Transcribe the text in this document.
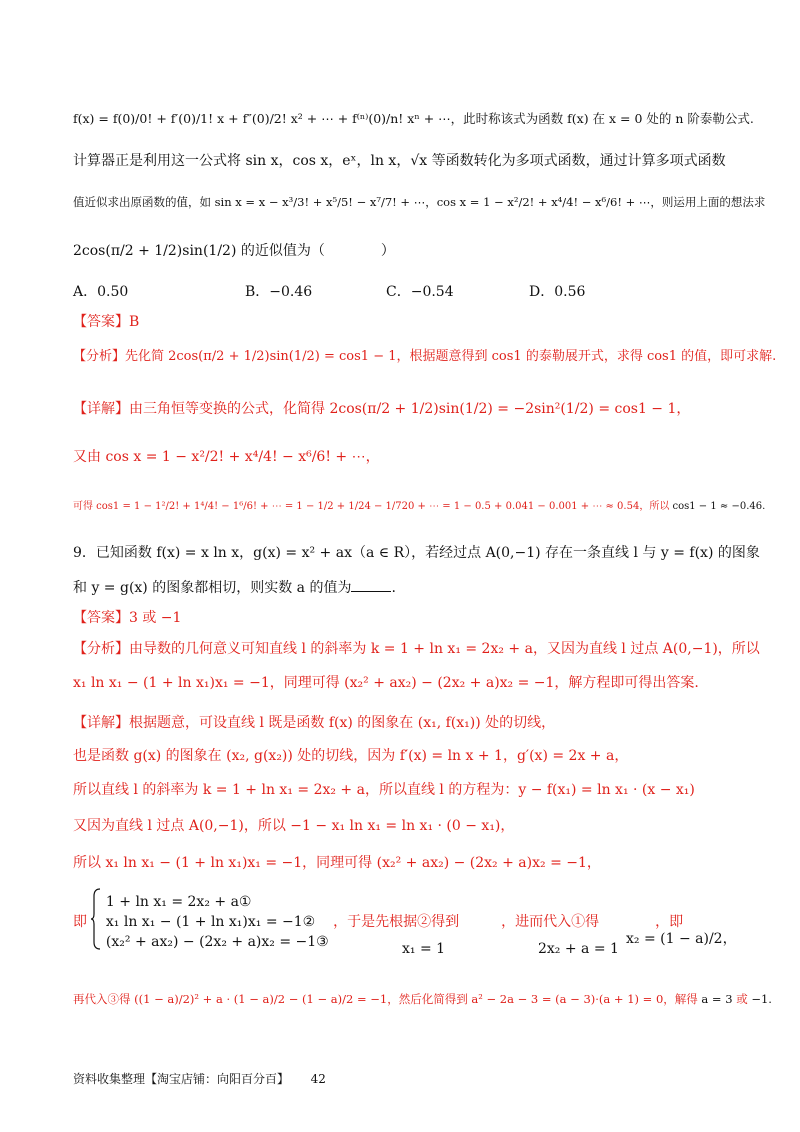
f(x) = f(0)/0! + f′(0)/1! x + f″(0)/2! x² + ⋯ + f⁽ⁿ⁾(0)/n! xⁿ + ⋯，此时称该式为函数 f(x) 在 x = 0 处的 n 阶泰勒公式.
计算器正是利用这一公式将 sin x，cos x，eˣ，ln x，√x 等函数转化为多项式函数，通过计算多项式函数
值近似求出原函数的值，如 sin x = x − x³/3! + x⁵/5! − x⁷/7! + ⋯，cos x = 1 − x²/2! + x⁴/4! − x⁶/6! + ⋯，则运用上面的想法求
2cos(π/2 + 1/2)sin(1/2) 的近似值为（　　　　）
A．0.50	B．−0.46	C．−0.54	D．0.56
【答案】B
【分析】先化简 2cos(π/2 + 1/2)sin(1/2) = cos1 − 1，根据题意得到 cos1 的泰勒展开式，求得 cos1 的值，即可求解.
【详解】由三角恒等变换的公式，化简得 2cos(π/2 + 1/2)sin(1/2) = −2sin²(1/2) = cos1 − 1，
又由 cos x = 1 − x²/2! + x⁴/4! − x⁶/6! + ⋯，
可得 cos1 = 1 − 1²/2! + 1⁴/4! − 1⁶/6! + ⋯ = 1 − 1/2 + 1/24 − 1/720 + ⋯ = 1 − 0.5 + 0.041 − 0.001 + ⋯ ≈ 0.54，所以 cos1 − 1 ≈ −0.46.
9．已知函数 f(x) = x ln x，g(x) = x² + ax（a ∈ R），若经过点 A(0,−1) 存在一条直线 l 与 y = f(x) 的图象
和 y = g(x) 的图象都相切，则实数 a 的值为	.
【答案】3 或 −1
【分析】由导数的几何意义可知直线 l 的斜率为 k = 1 + ln x₁ = 2x₂ + a，又因为直线 l 过点 A(0,−1)，所以
x₁ ln x₁ − (1 + ln x₁)x₁ = −1，同理可得 (x₂² + ax₂) − (2x₂ + a)x₂ = −1，解方程即可得出答案.
【详解】根据题意，可设直线 l 既是函数 f(x) 的图象在 (x₁, f(x₁)) 处的切线，
也是函数 g(x) 的图象在 (x₂, g(x₂)) 处的切线，因为 f′(x) = ln x + 1，g′(x) = 2x + a，
所以直线 l 的斜率为 k = 1 + ln x₁ = 2x₂ + a，所以直线 l 的方程为：y − f(x₁) = ln x₁ · (x − x₁)
又因为直线 l 过点 A(0,−1)，所以 −1 − x₁ ln x₁ = ln x₁ · (0 − x₁)，
所以 x₁ ln x₁ − (1 + ln x₁)x₁ = −1，同理可得 (x₂² + ax₂) − (2x₂ + a)x₂ = −1，
即
1 + ln x₁ = 2x₂ + a①
x₁ ln x₁ − (1 + ln x₁)x₁ = −1②
(x₂² + ax₂) − (2x₂ + a)x₂ = −1③
，于是先根据②得到　　　，进而代入①得　　　　，即
x₁ = 1	2x₂ + a = 1
x₂ = (1 − a)/2，
再代入③得 ((1 − a)/2)² + a · (1 − a)/2 − (1 − a)/2 = −1，然后化简得到 a² − 2a − 3 = (a − 3)·(a + 1) = 0，解得 a = 3 或 −1.
资料收集整理【淘宝店铺：向阳百分百】 42
